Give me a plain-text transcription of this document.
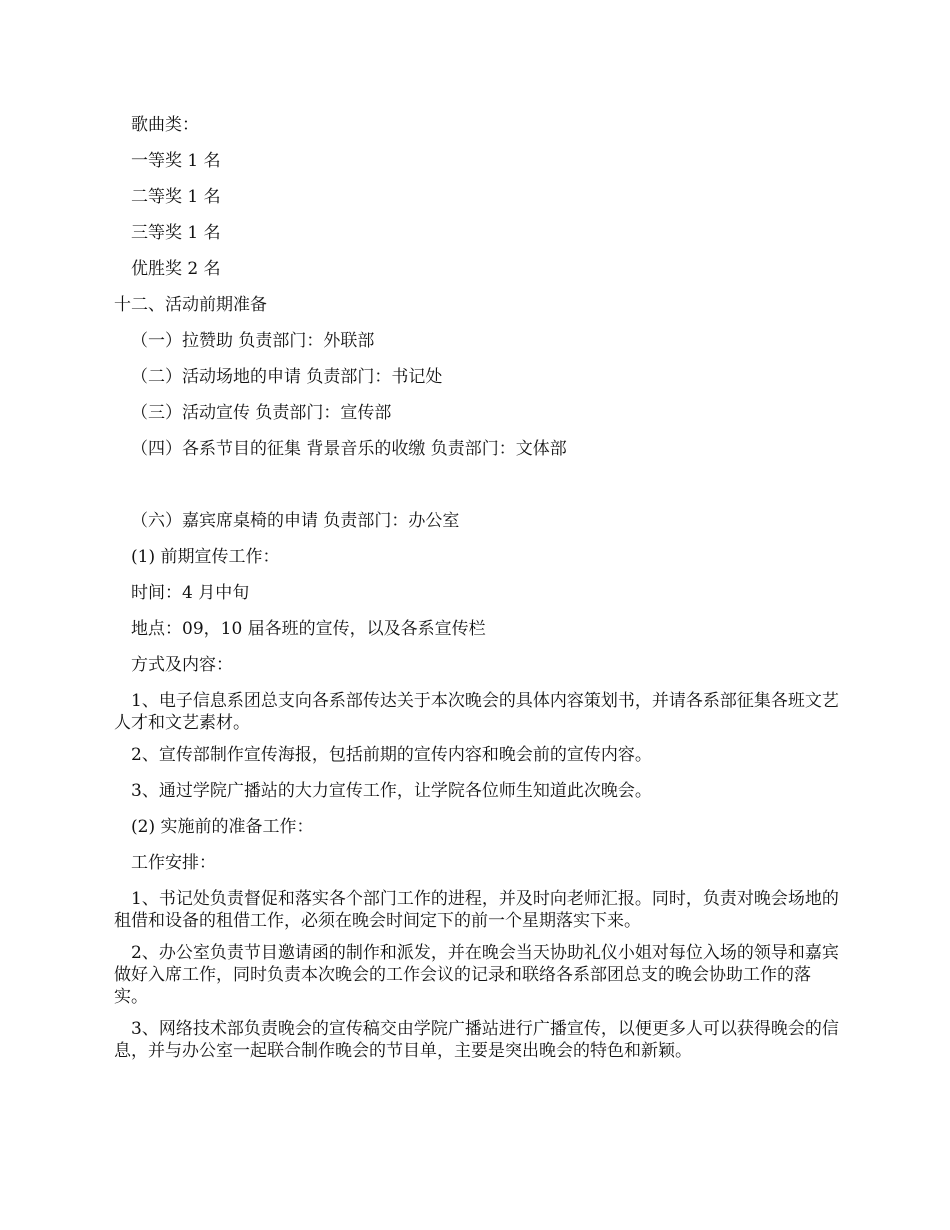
歌曲类：

一等奖 1 名

二等奖 1 名

三等奖 1 名

优胜奖 2 名

十二、活动前期准备

（一）拉赞助 负责部门：外联部

（二）活动场地的申请 负责部门：书记处

（三）活动宣传 负责部门：宣传部

（四）各系节目的征集 背景音乐的收缴 负责部门：文体部

（六）嘉宾席桌椅的申请 负责部门：办公室

(1) 前期宣传工作：

时间：4 月中旬

地点：09，10 届各班的宣传，以及各系宣传栏

方式及内容：

1、电子信息系团总支向各系部传达关于本次晚会的具体内容策划书，并请各系部征集各班文艺人才和文艺素材。

2、宣传部制作宣传海报，包括前期的宣传内容和晚会前的宣传内容。

3、通过学院广播站的大力宣传工作，让学院各位师生知道此次晚会。

(2) 实施前的准备工作：

工作安排：

1、书记处负责督促和落实各个部门工作的进程，并及时向老师汇报。同时，负责对晚会场地的租借和设备的租借工作，必须在晚会时间定下的前一个星期落实下来。

2、办公室负责节目邀请函的制作和派发，并在晚会当天协助礼仪小姐对每位入场的领导和嘉宾做好入席工作，同时负责本次晚会的工作会议的记录和联络各系部团总支的晚会协助工作的落实。

3、网络技术部负责晚会的宣传稿交由学院广播站进行广播宣传，以便更多人可以获得晚会的信息，并与办公室一起联合制作晚会的节目单，主要是突出晚会的特色和新颖。
